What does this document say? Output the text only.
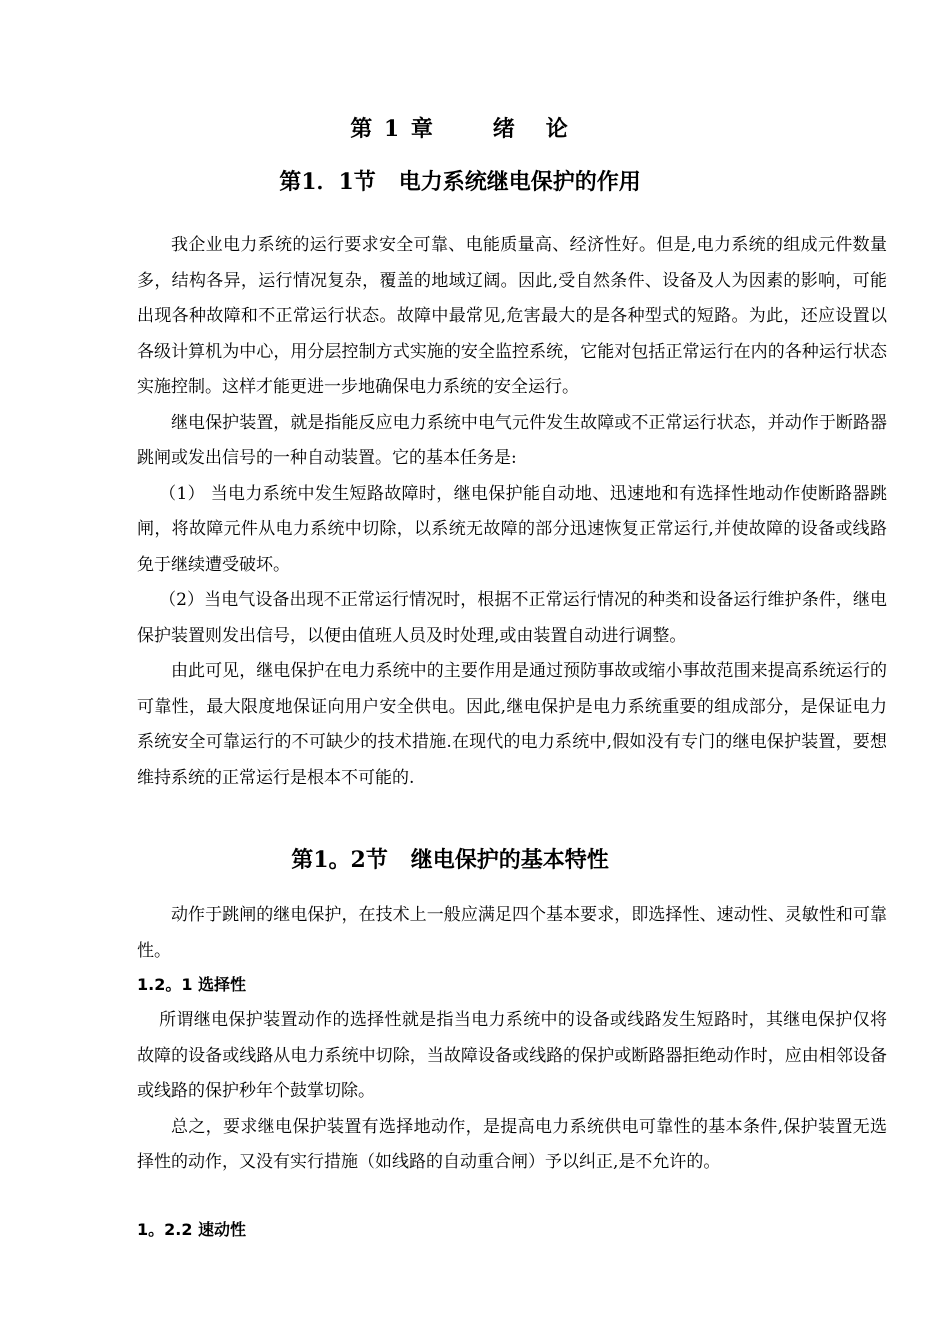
第 1 章      绪   论
第1．1节   电力系统继电保护的作用

我企业电力系统的运行要求安全可靠、电能质量高、经济性好。但是,电力系统的组成元件数量多，结构各异，运行情况复杂，覆盖的地域辽阔。因此,受自然条件、设备及人为因素的影响，可能出现各种故障和不正常运行状态。故障中最常见,危害最大的是各种型式的短路。为此，还应设置以各级计算机为中心，用分层控制方式实施的安全监控系统，它能对包括正常运行在内的各种运行状态实施控制。这样才能更进一步地确保电力系统的安全运行。

继电保护装置，就是指能反应电力系统中电气元件发生故障或不正常运行状态，并动作于断路器跳闸或发出信号的一种自动装置。它的基本任务是:

（1） 当电力系统中发生短路故障时，继电保护能自动地、迅速地和有选择性地动作使断路器跳闸，将故障元件从电力系统中切除，以系统无故障的部分迅速恢复正常运行,并使故障的设备或线路免于继续遭受破坏。

（2）当电气设备出现不正常运行情况时，根据不正常运行情况的种类和设备运行维护条件，继电保护装置则发出信号，以便由值班人员及时处理,或由装置自动进行调整。

由此可见，继电保护在电力系统中的主要作用是通过预防事故或缩小事故范围来提高系统运行的可靠性，最大限度地保证向用户安全供电。因此,继电保护是电力系统重要的组成部分，是保证电力系统安全可靠运行的不可缺少的技术措施.在现代的电力系统中,假如没有专门的继电保护装置，要想维持系统的正常运行是根本不可能的.

第1。2节   继电保护的基本特性

动作于跳闸的继电保护，在技术上一般应满足四个基本要求，即选择性、速动性、灵敏性和可靠性。

1.2。1 选择性

所谓继电保护装置动作的选择性就是指当电力系统中的设备或线路发生短路时，其继电保护仅将故障的设备或线路从电力系统中切除，当故障设备或线路的保护或断路器拒绝动作时，应由相邻设备或线路的保护秒年个鼓掌切除。

总之，要求继电保护装置有选择地动作，是提高电力系统供电可靠性的基本条件,保护装置无选择性的动作，又没有实行措施（如线路的自动重合闸）予以纠正,是不允许的。

1。2.2 速动性
